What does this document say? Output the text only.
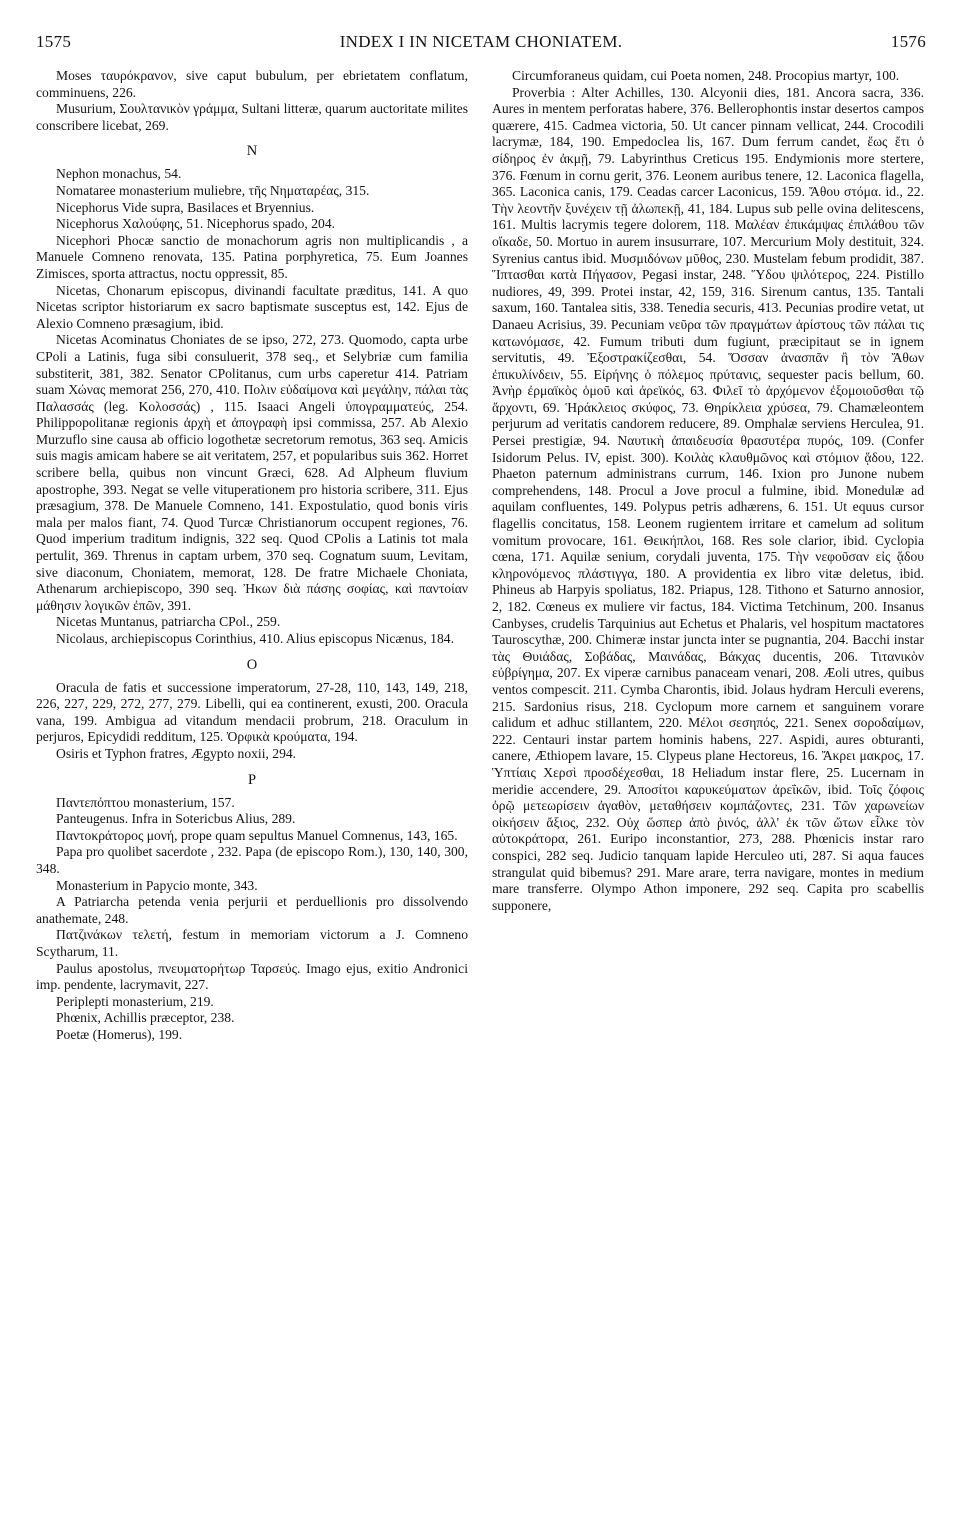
1575	INDEX I IN NICETAM CHONIATEM.	1576

Moses ταυρόκρανον, sive caput bubulum, per ebrietatem conflatum, comminuens, 226.

Musurium, Σουλτανικὸν γράμμα, Sultani litteræ, quarum auctoritate milites conscribere licebat, 269.

N

Nephon monachus, 54.

Nomataree monasterium muliebre, τῆς Νηματαρέας, 315.

Nicephorus Vide supra, Basilaces et Bryennius.

Nicephorus Χαλούφης, 51. Nicephorus spado, 204.

Nicephori Phocæ sanctio de monachorum agris non multiplicandis , a Manuele Comneno renovata, 135. Patina porphyretica, 75. Eum Joannes Zimisces, sporta attractus, noctu oppressit, 85.

Nicetas, Chonarum episcopus, divinandi facultate præditus, 141. A quo Nicetas scriptor historiarum ex sacro baptismate susceptus est, 142. Ejus de Alexio Comneno præsagium, ibid.

Nicetas Acominatus Choniates de se ipso, 272, 273. Quomodo, capta urbe CPoli a Latinis, fuga sibi consuluerit, 378 seq., et Selybriæ cum familia substiterit, 381, 382. Senator CPolitanus, cum urbs caperetur 414. Patriam suam Χώνας memorat 256, 270, 410. Πολιν εὐδαίμονα καὶ μεγάλην, πάλαι τὰς Παλασσάς (leg. Κολοσσάς) , 115. Isaaci Angeli ὑπογραμματεύς, 254. Philippopolitanæ regionis ἀρχὴ et ἀπογραφὴ ipsi commissa, 257. Ab Alexio Murzuflo sine causa ab officio logothetæ secretorum remotus, 363 seq. Amicis suis magis amicam habere se ait veritatem, 257, et popularibus suis 362. Horret scribere bella, quibus non vincunt Græci, 628. Ad Alpheum fluvium apostrophe, 393. Negat se velle vituperationem pro historia scribere, 311. Ejus præsagium, 378. De Manuele Comneno, 141. Expostulatio, quod bonis viris mala per malos fiant, 74. Quod Turcæ Christianorum occupent regiones, 76. Quod imperium traditum indignis, 322 seq. Quod CPolis a Latinis tot mala pertulit, 369. Threnus in captam urbem, 370 seq. Cognatum suum, Levitam, sive diaconum, Choniatem, memorat, 128. De fratre Michaele Choniata, Athenarum archiepiscopo, 390 seq. Ἠκων διὰ πάσης σοφίας, καὶ παντοίαν μάθησιν λογικῶν ἐπῶν, 391.

Nicetas Muntanus, patriarcha CPol., 259.

Nicolaus, archiepiscopus Corinthius, 410. Alius episcopus Nicænus, 184.

O

Oracula de fatis et successione imperatorum, 27-28, 110, 143, 149, 218, 226, 227, 229, 272, 277, 279. Libelli, qui ea continerent, exusti, 200. Oracula vana, 199. Ambigua ad vitandum mendacii probrum, 218. Oraculum in perjuros, Epicydidi redditum, 125. Ὀρφικὰ κρούματα, 194.

Osiris et Typhon fratres, Ægypto noxii, 294.

P

Παντεπόπτου monasterium, 157.

Panteugenus. Infra in Sotericbus Alius, 289.

Παντοκράτορος μονή, prope quam sepultus Manuel Comnenus, 143, 165.

Papa pro quolibet sacerdote , 232. Papa (de episcopo Rom.), 130, 140, 300, 348.

Monasterium in Papycio monte, 343.

A Patriarcha petenda venia perjurii et perduellionis pro dissolvendo anathemate, 248.

Πατζινάκων τελετή, festum in memoriam victorum a J. Comneno Scytharum, 11.

Paulus apostolus, πνευματορήτωρ Ταρσεύς. Imago ejus, exitio Andronici imp. pendente, lacrymavit, 227.

Periplepti monasterium, 219.

Phœnix, Achillis præceptor, 238.

Poetæ (Homerus), 199.

Circumforaneus quidam, cui Poeta nomen, 248. Procopius martyr, 100.

Proverbia : Alter Achilles, 130. Alcyonii dies, 181. Ancora sacra, 336. Aures in mentem perforatas habere, 376. Bellerophontis instar desertos campos quærere, 415. Cadmea victoria, 50. Ut cancer pinnam vellicat, 244. Crocodili lacrymæ, 184, 190. Empedoclea lis, 167. Dum ferrum candet, ἕως ἔτι ὁ σίδηρος ἐν ἀκμῇ, 79. Labyrinthus Creticus 195. Endymionis more stertere, 376. Fœnum in cornu gerit, 376. Leonem auribus tenere, 12. Laconica flagella, 365. Laconica canis, 179. Ceadas carcer Laconicus, 159. Ἄθου στόμα. id., 22. Τὴν λεοντῆν ξυνέχειν τῇ ἀλωπεκῇ, 41, 184. Lupus sub pelle ovina delitescens, 161. Multis lacrymis tegere dolorem, 118. Μαλέαν ἐπικάμψας ἐπιλάθου τῶν οἴκαδε, 50. Mortuo in aurem insusurrare, 107. Mercurium Moly destituit, 324. Syrenius cantus ibid. Μυσμιδόνων μῦθος, 230. Mustelam febum prodidit, 387. Ἵπτασθαι κατὰ Πήγασον, Pegasi instar, 248. Ὕδου ψιλότερος, 224. Pistillo nudiores, 49, 399. Protei instar, 42, 159, 316. Sirenum cantus, 135. Tantali saxum, 160. Tantalea sitis, 338. Tenedia securis, 413. Pecunias prodire vetat, ut Danaeu Acrisius, 39. Pecuniam νεῦρα τῶν πραγμάτων ἀρίστους τῶν πάλαι τις κατωνόμασε, 42. Fumum tributi dum fugiunt, præcipitaut se in ignem servitutis, 49. Ἐξοστρακίζεσθαι, 54. Ὅσσαν ἀνασπᾶν ἢ τὸν Ἄθων ἐπικυλίνδειν, 55. Εἰρήνης ὁ πόλεμος πρύτανις, sequester pacis bellum, 60. Ἀνὴρ ἐρμαϊκὸς ὁμοῦ καὶ ἀρεϊκός, 63. Φιλεῖ τὸ ἀρχόμενον ἐξομοιοῦσθαι τῷ ἄρχοντι, 69. Ἡράκλειος σκύφος, 73. Θηρίκλεια χρύσεα, 79. Chamæleontem perjurum ad veritatis candorem reducere, 89. Omphalæ serviens Herculea, 91. Persei prestigiæ, 94. Ναυτικὴ ἀπαιδευσία θρασυτέρα πυρός, 109. (Confer Isidorum Pelus. IV, epist. 300). Κοιλὰς κλαυθμῶνος καὶ στόμιον ᾅδου, 122. Phaeton paternum administrans currum, 146. Ixion pro Junone nubem comprehendens, 148. Procul a Jove procul a fulmine, ibid. Monedulæ ad aquilam confluentes, 149. Polypus petris adhærens, 6. 151. Ut equus cursor flagellis concitatus, 158. Leonem rugientem irritare et camelum ad solitum vomitum provocare, 161. Θεικήπλοι, 168. Res sole clarior, ibid. Cyclopia cœna, 171. Aquilæ senium, corydali juventa, 175. Τὴν νεφοῦσαν εἰς ᾅδου κληρονόμενος πλάστιγγα, 180. A providentia ex libro vitæ deletus, ibid. Phineus ab Harpyis spoliatus, 182. Priapus, 128. Tithono et Saturno annosior, 2, 182. Cœneus ex muliere vir factus, 184. Victima Tetchinum, 200. Insanus Canbyses, crudelis Tarquinius aut Echetus et Phalaris, vel hospitum mactatores Tauroscythæ, 200. Chimeræ instar juncta inter se pugnantia, 204. Bacchi instar τὰς Θυιάδας, Σοβάδας, Μαινάδας, Βάκχας ducentis, 206. Τιτανικὸν εὐβρίγημα, 207. Ex viperæ carnibus panaceam venari, 208. Æoli utres, quibus ventos compescit. 211. Cymba Charontis, ibid. Jolaus hydram Herculi everens, 215. Sardonius risus, 218. Cyclopum more carnem et sanguinem vorare calidum et adhuc stillantem, 220. Μέλοι σεσηπός, 221. Senex σοροδαίμων, 222. Centauri instar partem hominis habens, 227. Aspidi, aures obturanti, canere, Æthiopem lavare, 15. Clypeus plane Hectoreus, 16. Ἄκρει μακρος, 17. Ὑπτίαις Χερσὶ προσδέχεσθαι, 18 Heliadum instar flere, 25. Lucernam in meridie accendere, 29. Ἀποσίτοι καρυκεύματων ἀρεΐκῶν, ibid. Τοῖς ζόφοις ὀρῷ μετεωρίσειν ἀγαθὸν, μεταθήσειν κομπάζοντες, 231. Τῶν χαρωνείων οἰκήσειν ἄξιος, 232. Οὐχ ὥσπερ ἀπὸ ῥινός, ἀλλ' ἐκ τῶν ὤτων εἶλκε τὸν αὐτοκράτορα, 261. Euripo inconstantior, 273, 288. Phœnicis instar raro conspici, 282 seq. Judicio tanquam lapide Herculeo uti, 287. Si aqua fauces strangulat quid bibemus? 291. Mare arare, terra navigare, montes in medium mare transferre. Olympo Athon imponere, 292 seq. Capita pro scabellis supponere,
